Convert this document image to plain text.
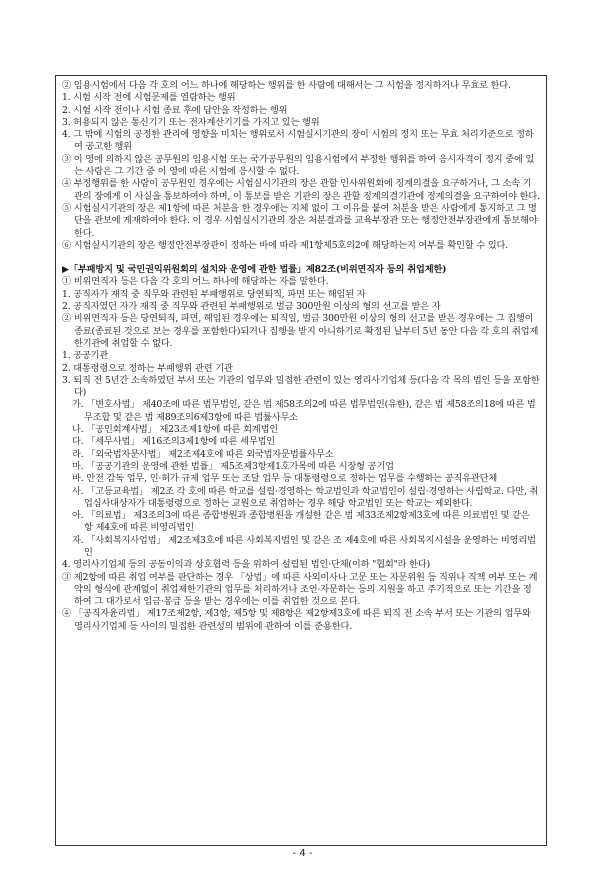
② 임용시험에서 다음 각 호의 어느 하나에 해당하는 행위를 한 사람에 대해서는 그 시험을 정지하거나 무효로 한다.

1. 시험 시작 전에 시험문제를 열람하는 행위

2. 시험 시작 전이나 시험 종료 후에 답안을 작성하는 행위

3. 허용되지 않은 통신기기 또는 전자계산기기를 가지고 있는 행위

4. 그 밖에 시험의 공정한 관리에 영향을 미치는 행위로서 시험실시기관의 장이 시험의 정지 또는 무효 처리기준으로 정하여 공고한 행위

③ 이 영에 의하지 않은 공무원의 임용시험 또는 국가공무원의 임용시험에서 부정한 행위를 하여 응시자격이 정지 중에 있는 사람은 그 기간 중 이 영에 따른 시험에 응시할 수 없다.

④ 부정행위를 한 사람이 공무원인 경우에는 시험실시기관의 장은 관할 인사위원회에 징계의결을 요구하거나, 그 소속 기관의 장에게 이 사실을 통보하여야 하며, 이 통보를 받은 기관의 장은 관할 징계의결기관에 징계의결을 요구하여야 한다.

⑤ 시험실시기관의 장은 제1항에 따른 처분을 한 경우에는 지체 없이 그 이유를 붙여 처분을 받은 사람에게 통지하고 그 명단을 관보에 게재하여야 한다. 이 경우 시험실시기관의 장은 처분결과를 교육부장관 또는 행정안전부장관에게 통보해야 한다.

⑥ 시험실시기관의 장은 행정안전부장관이 정하는 바에 따라 제1항제5호의2에 해당하는지 여부를 확인할 수 있다.

▶「부패방지 및 국민권익위원회의 설치와 운영에 관한 법률」제82조(비위면직자 등의 취업제한)

① 비위면직자 등은 다음 각 호의 어느 하나에 해당하는 자를 말한다.

1. 공직자가 재직 중 직무와 관련된 부패행위로 당연퇴직, 파면 또는 해임된 자

2. 공직자였던 자가 재직 중 직무와 관련된 부패행위로 벌금 300만원 이상의 형의 선고를 받은 자

② 비위면직자 등은 당연퇴직, 파면, 해임된 경우에는 퇴직일, 벌금 300만원 이상의 형의 선고를 받은 경우에는 그 집행이 종료(종료된 것으로 보는 경우를 포함한다)되거나 집행을 받지 아니하기로 확정된 날부터 5년 동안 다음 각 호의 취업제한기관에 취업할 수 없다.

1. 공공기관

2. 대통령령으로 정하는 부패행위 관련 기관

3. 퇴직 전 5년간 소속하였던 부서 또는 기관의 업무와 밀접한 관련이 있는 영리사기업체 등(다음 각 목의 법인 등을 포함한다)

가. 「변호사법」 제40조에 따른 법무법인, 같은 법 제58조의2에 따른 법무법인(유한), 같은 법 제58조의18에 따른 법무조합 및 같은 법 제89조의6제3항에 따른 법률사무소

나. 「공인회계사법」 제23조제1항에 따른 회계법인

다. 「세무사법」 제16조의3제1항에 따른 세무법인

라. 「외국법자문사법」 제2조제4호에 따른 외국법자문법률사무소

마. 「공공기관의 운영에 관한 법률」 제5조제3항제1호가목에 따른 시장형 공기업

바. 안전 감독 업무, 인·허가 규제 업무 또는 조달 업무 등 대통령령으로 정하는 업무를 수행하는 공직유관단체

사. 「고등교육법」 제2조 각 호에 따른 학교를 설립·경영하는 학교법인과 학교법인이 설립·경영하는 사립학교. 다만, 취업심사대상자가 대통령령으로 정하는 교원으로 취업하는 경우 해당 학교법인 또는 학교는 제외한다.

아. 「의료법」 제3조의3에 따른 종합병원과 종합병원을 개설한 같은 법 제33조제2항제3호에 따른 의료법인 및 같은 항 제4호에 따른 비영리법인

자. 「사회복지사업법」 제2조제3호에 따른 사회복지법인 및 같은 조 제4호에 따른 사회복지시설을 운영하는 비영리법인

4. 영리사기업체 등의 공동이익과 상호협력 등을 위하여 설립된 법인·단체(이하 "협회"라 한다)

③ 제2항에 따른 취업 여부를 판단하는 경우 「상법」에 따른 사외이사나 고문 또는 자문위원 등 직위나 직책 여부 또는 계약의 형식에 관계없이 취업제한기관의 업무를 처리하거나 조언·자문하는 등의 지원을 하고 주기적으로 또는 기간을 정하여 그 대가로서 임금·봉급 등을 받는 경우에는 이를 취업한 것으로 본다.

④ 「공직자윤리법」 제17조제2항, 제3항, 제5항 및 제8항은 제2항제3호에 따른 퇴직 전 소속 부서 또는 기관의 업무와 영리사기업체 등 사이의 밀접한 관련성의 범위에 관하여 이를 준용한다.

- 4 -
